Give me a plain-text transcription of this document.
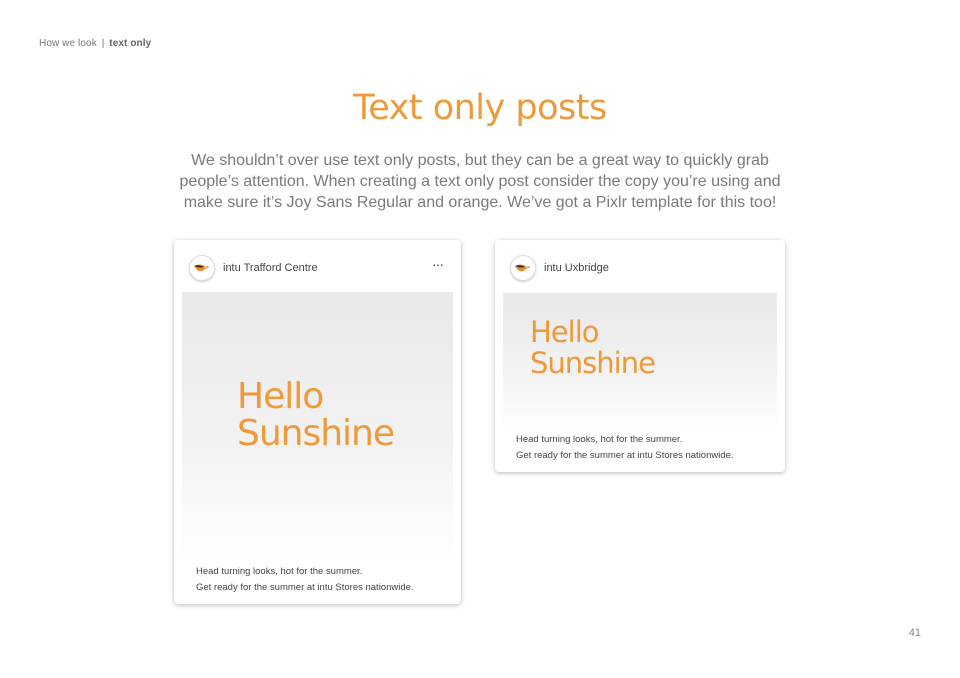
How we look | text only
Text only posts

We shouldn’t over use text only posts, but they can be a great way to quickly grab people’s attention. When creating a text only post consider the copy you’re using and make sure it’s Joy Sans Regular and orange. We’ve got a Pixlr template for this too!

intu Trafford Centre	···
Hello
Sunshine
Head turning looks, hot for the summer.
Get ready for the summer at intu Stores nationwide.
intu Uxbridge
Hello
Sunshine
Head turning looks, hot for the summer.
Get ready for the summer at intu Stores nationwide.
41
